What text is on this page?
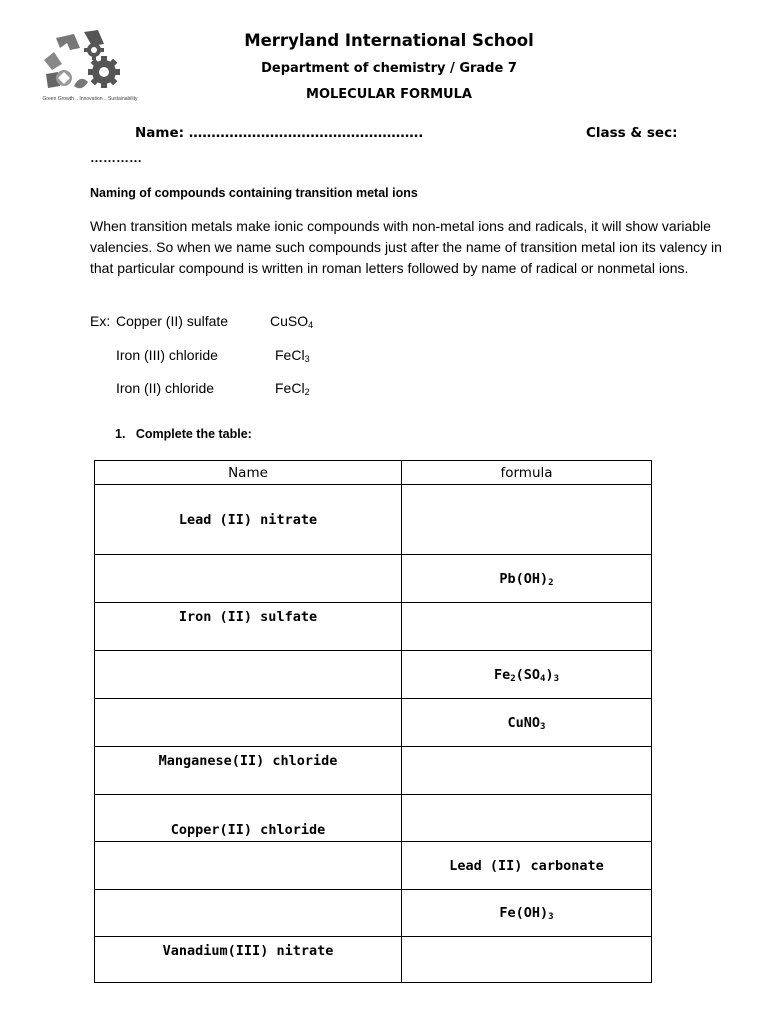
Green Growth .. Innovation .. Sustainability
Merryland International School
Department of chemistry / Grade 7
MOLECULAR FORMULA
Name: …………………………………………….	Class & sec:
…………
Naming of compounds containing transition metal ions
When transition metals make ionic compounds with non-metal ions and radicals, it will show variable valencies. So when we name such compounds just after the name of transition metal ion its valency in that particular compound is written in roman letters followed by name of radical or nonmetal ions.
Ex: Copper (II) sulfate	CuSO$_4$
Iron (III) chloride	FeCl$_3$
Iron (II) chloride	FeCl$_2$
1. Complete the table:
Name	formula
Lead (II) nitrate	
	$Pb(OH)_2$
Iron (II) sulfate	
	$Fe_2(SO_4)_3$
	CuNO$_3$
Manganese(II) chloride	
Copper(II) chloride	
	Lead (II) carbonate
	$Fe(OH)_3$
Vanadium(III) nitrate	
